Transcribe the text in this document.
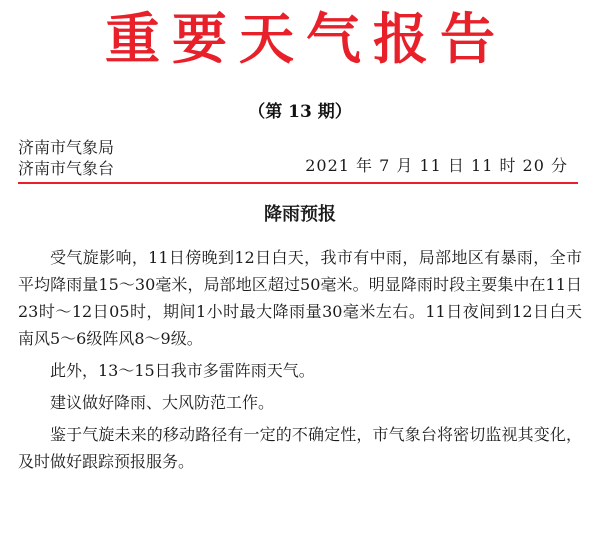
重要天气报告
（第 13 期）
济南市气象局
济南市气象台	2021 年 7 月 11 日 11 时 20 分
降雨预报

受气旋影响，11日傍晚到12日白天，我市有中雨，局部地区有暴雨，全市平均降雨量15～30毫米，局部地区超过50毫米。明显降雨时段主要集中在11日23时～12日05时，期间1小时最大降雨量30毫米左右。11日夜间到12日白天南风5～6级阵风8～9级。

此外，13～15日我市多雷阵雨天气。

建议做好降雨、大风防范工作。

鉴于气旋未来的移动路径有一定的不确定性，市气象台将密切监视其变化，及时做好跟踪预报服务。
